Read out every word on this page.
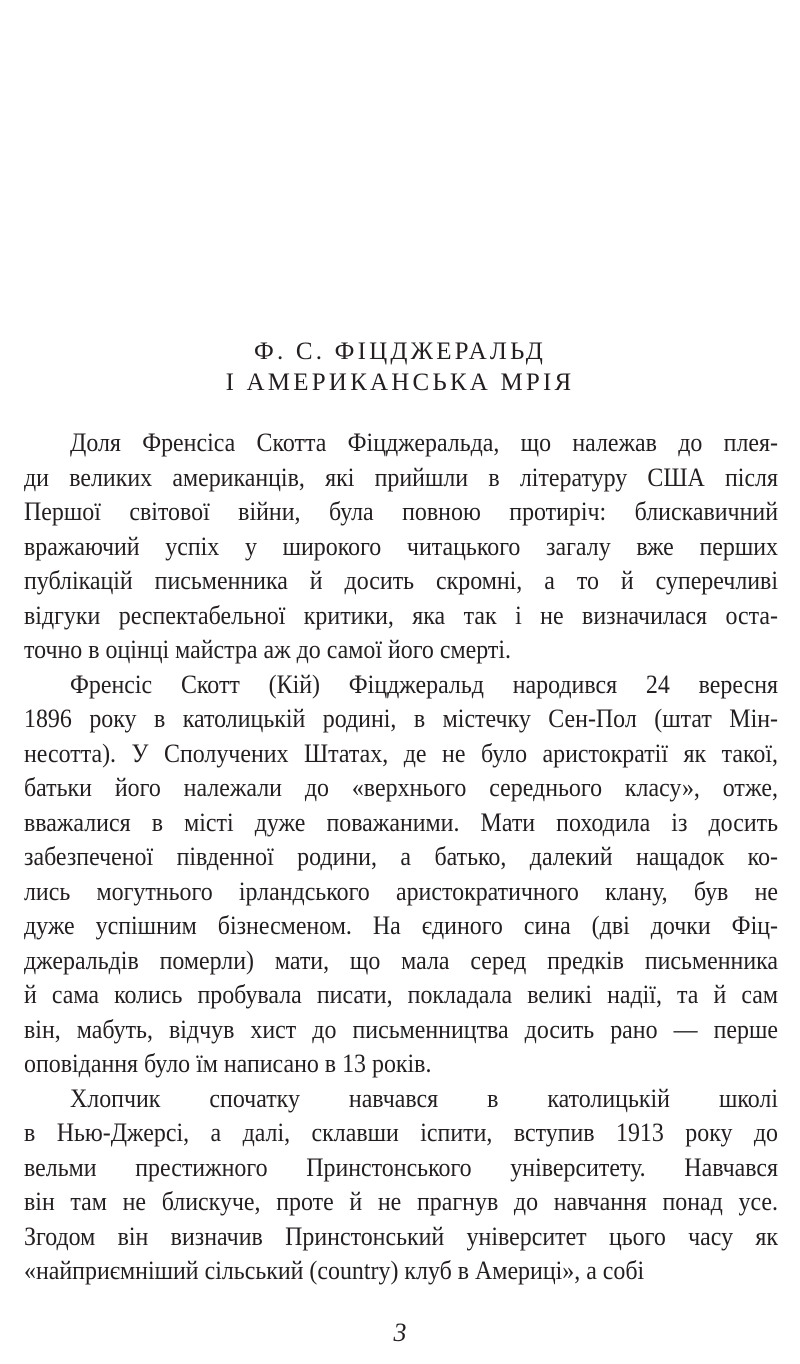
Ф. С. ФІЦДЖЕРАЛЬД
І АМЕРИКАНСЬКА МРІЯ
Доля Френсіса Скотта Фіцджеральда, що належав до плея-
ди великих американців, які прийшли в літературу США після
Першої світової війни, була повною протиріч: блискавичний
вражаючий успіх у широкого читацького загалу вже перших
публікацій письменника й досить скромні, а то й суперечливі
відгуки респектабельної критики, яка так і не визначилася оста-
точно в оцінці майстра аж до самої його смерті.
Френсіс Скотт (Кій) Фіцджеральд народився 24 вересня
1896 року в католицькій родині, в містечку Сен-Пол (штат Мін-
несотта). У Сполучених Штатах, де не було аристократії як такої,
батьки його належали до «верхнього середнього класу», отже,
вважалися в місті дуже поважаними. Мати походила із досить
забезпеченої південної родини, а батько, далекий нащадок ко-
лись могутнього ірландського аристократичного клану, був не
дуже успішним бізнесменом. На єдиного сина (дві дочки Фіц-
джеральдів померли) мати, що мала серед предків письменника
й сама колись пробувала писати, покладала великі надії, та й сам
він, мабуть, відчув хист до письменництва досить рано — перше
оповідання було їм написано в 13 років.
Хлопчик спочатку навчався в католицькій школі
в Нью-Джерсі, а далі, склавши іспити, вступив 1913 року до
вельми престижного Принстонського університету. Навчався
він там не блискуче, проте й не прагнув до навчання понад усе.
Згодом він визначив Принстонський університет цього часу як
«найприємніший сільський (country) клуб в Америці», а собі
3
